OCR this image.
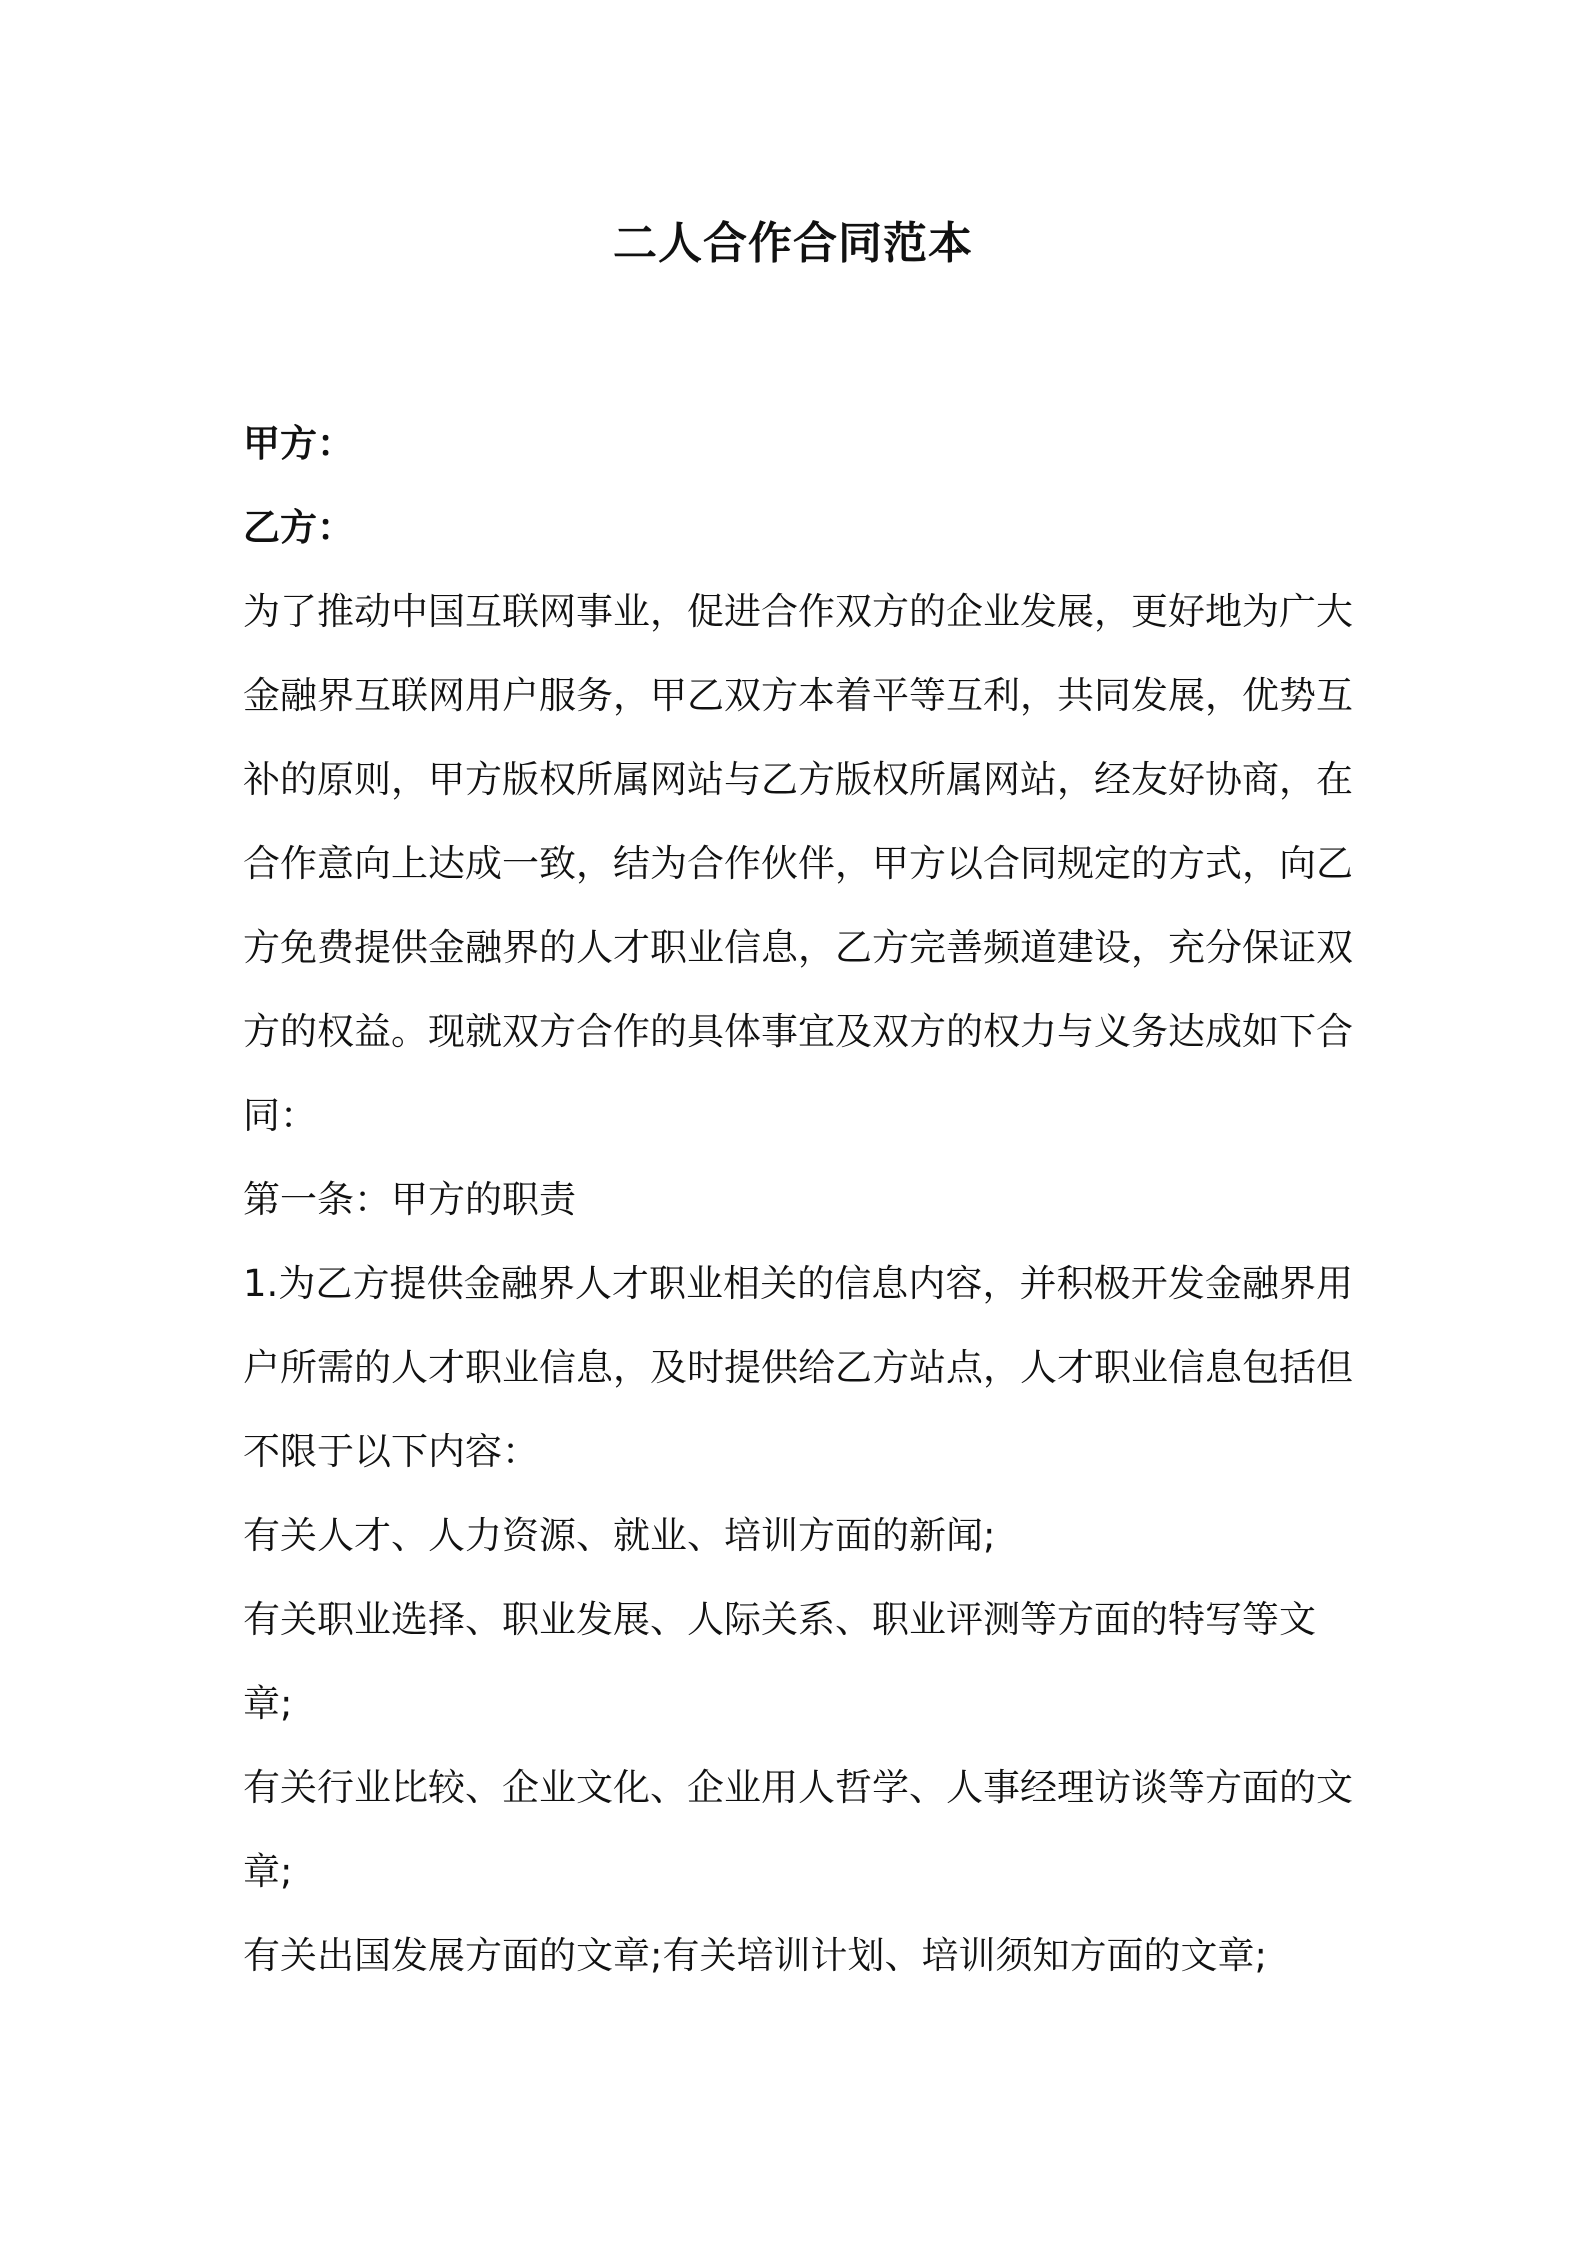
二人合作合同范本

甲方：

乙方：

为了推动中国互联网事业，促进合作双方的企业发展，更好地为广大金融界互联网用户服务，甲乙双方本着平等互利，共同发展，优势互补的原则，甲方版权所属网站与乙方版权所属网站，经友好协商，在合作意向上达成一致，结为合作伙伴，甲方以合同规定的方式，向乙方免费提供金融界的人才职业信息，乙方完善频道建设，充分保证双方的权益。现就双方合作的具体事宜及双方的权力与义务达成如下合同：

第一条：甲方的职责

1.为乙方提供金融界人才职业相关的信息内容，并积极开发金融界用户所需的人才职业信息，及时提供给乙方站点，人才职业信息包括但不限于以下内容：

有关人才、人力资源、就业、培训方面的新闻;

有关职业选择、职业发展、人际关系、职业评测等方面的特写等文章;

有关行业比较、企业文化、企业用人哲学、人事经理访谈等方面的文章;

有关出国发展方面的文章;有关培训计划、培训须知方面的文章;
